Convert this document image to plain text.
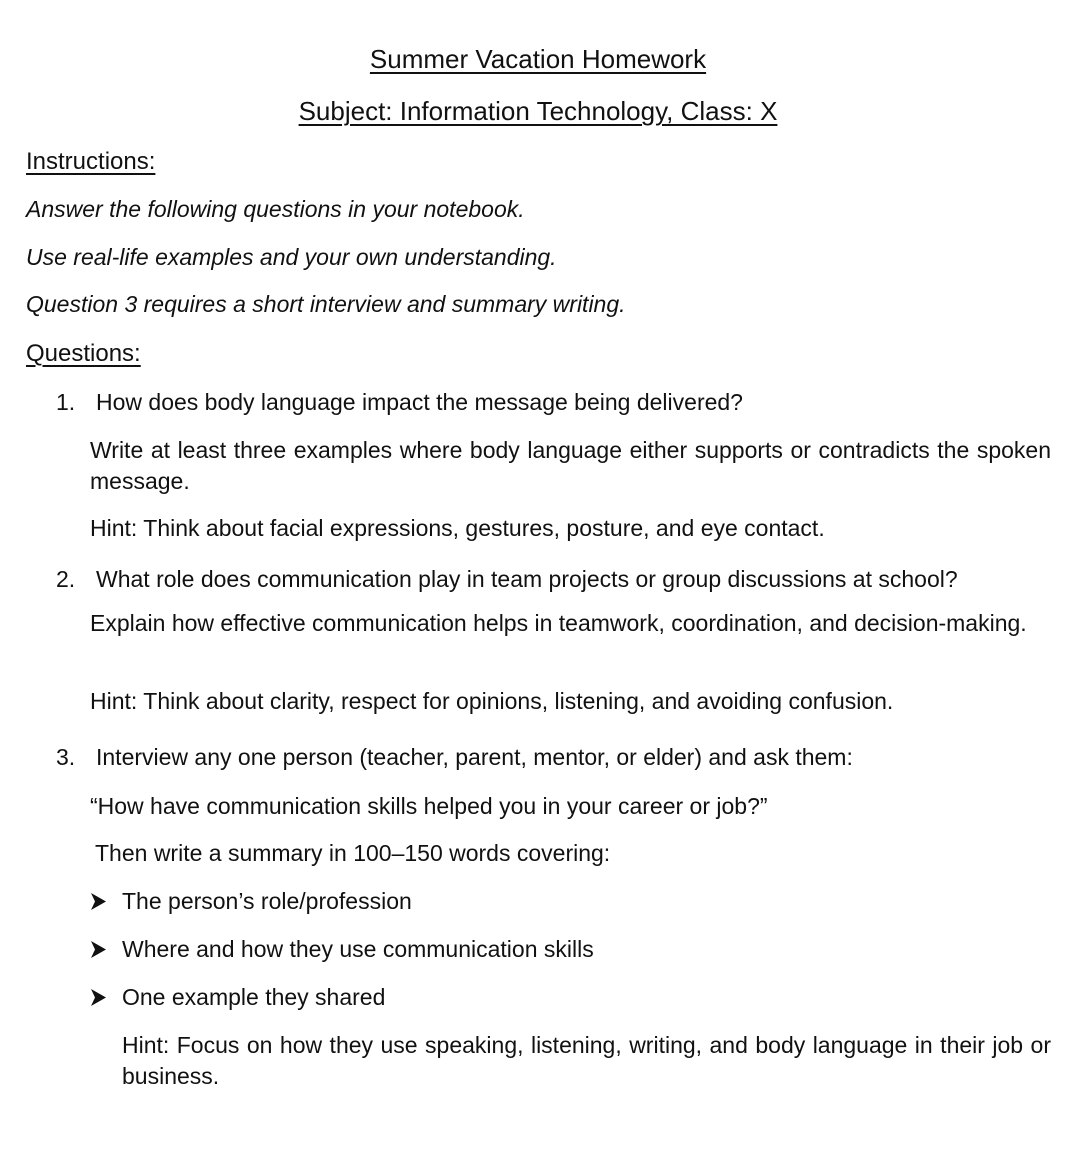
Summer Vacation Homework
Subject: Information Technology, Class: X
Instructions:
Answer the following questions in your notebook.
Use real-life examples and your own understanding.
Question 3 requires a short interview and summary writing.
Questions:
1. How does body language impact the message being delivered?
Write at least three examples where body language either supports or contradicts the spoken message.
Hint: Think about facial expressions, gestures, posture, and eye contact.
2. What role does communication play in team projects or group discussions at school?
Explain how effective communication helps in teamwork, coordination, and decision-making.
Hint: Think about clarity, respect for opinions, listening, and avoiding confusion.
3. Interview any one person (teacher, parent, mentor, or elder) and ask them:
“How have communication skills helped you in your career or job?”
Then write a summary in 100–150 words covering:
The person’s role/profession
Where and how they use communication skills
One example they shared
Hint: Focus on how they use speaking, listening, writing, and body language in their job or business.
